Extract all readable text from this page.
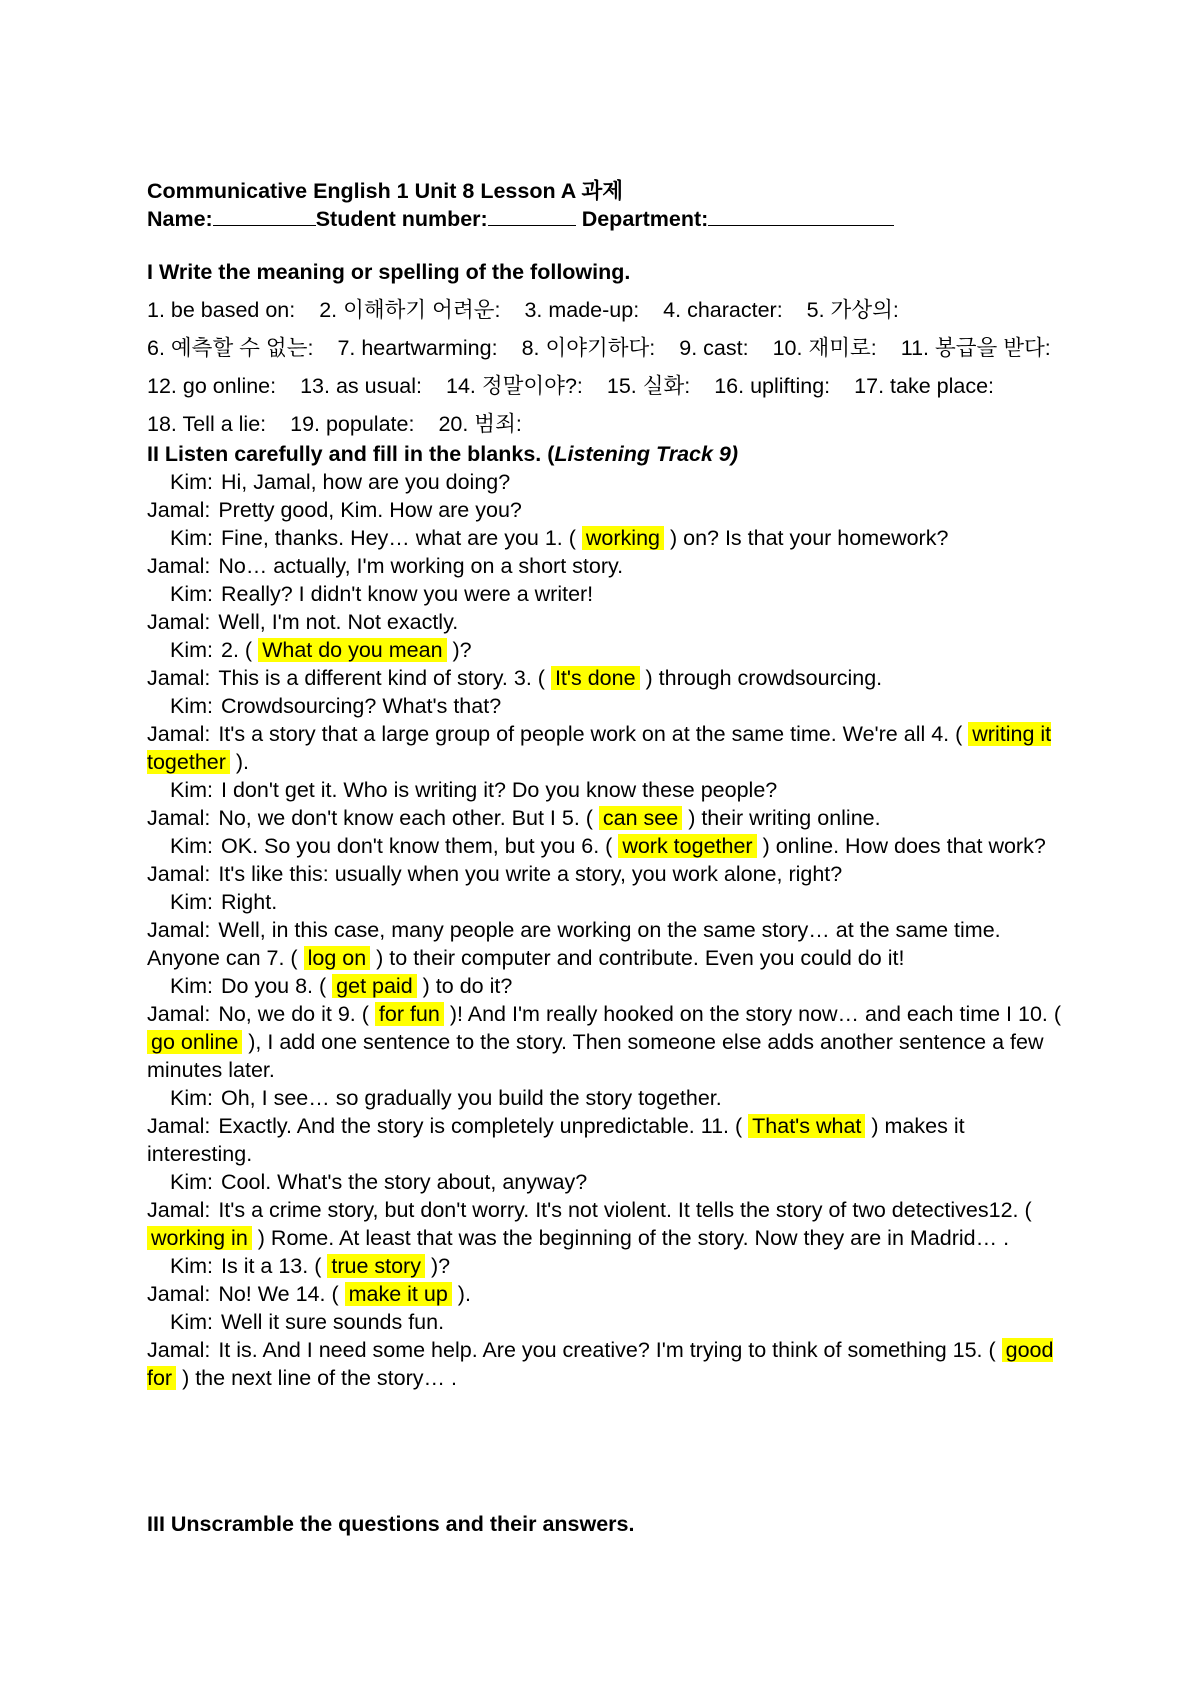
Communicative English 1 Unit 8 Lesson A 과제
Name:	Student number:	Department:
I Write the meaning or spelling of the following.
1. be based on: 2. 이해하기 어려운: 3. made-up: 4. character: 5. 가상의: 6. 예측할 수 없는: 7. heartwarming: 8. 이야기하다: 9. cast: 10. 재미로: 11. 봉급을 받다: 12. go online: 13. as usual: 14. 정말이야?: 15. 실화: 16. uplifting: 17. take place: 18. Tell a lie: 19. populate: 20. 범죄:
II Listen carefully and fill in the blanks. (Listening Track 9)

Kim: Hi, Jamal, how are you doing?

Jamal: Pretty good, Kim. How are you?

Kim: Fine, thanks. Hey… what are you 1. ( working ) on? Is that your homework?

Jamal: No… actually, I'm working on a short story.

Kim: Really? I didn't know you were a writer!

Jamal: Well, I'm not. Not exactly.

Kim: 2. ( What do you mean )?

Jamal: This is a different kind of story. 3. ( It's done ) through crowdsourcing.

Kim: Crowdsourcing? What's that?

Jamal: It's a story that a large group of people work on at the same time. We're all 4. ( writing it together ).

Kim: I don't get it. Who is writing it? Do you know these people?

Jamal: No, we don't know each other. But I 5. ( can see ) their writing online.

Kim: OK. So you don't know them, but you 6. ( work together ) online. How does that work?

Jamal: It's like this: usually when you write a story, you work alone, right?

Kim: Right.

Jamal: Well, in this case, many people are working on the same story… at the same time. Anyone can 7. ( log on ) to their computer and contribute. Even you could do it!

Kim: Do you 8. ( get paid ) to do it?

Jamal: No, we do it 9. ( for fun )! And I'm really hooked on the story now… and each time I 10. ( go online ), I add one sentence to the story. Then someone else adds another sentence a few minutes later.

Kim: Oh, I see… so gradually you build the story together.

Jamal: Exactly. And the story is completely unpredictable. 11. ( That's what ) makes it interesting.

Kim: Cool. What's the story about, anyway?

Jamal: It's a crime story, but don't worry. It's not violent. It tells the story of two detectives12. ( working in ) Rome. At least that was the beginning of the story. Now they are in Madrid… .

Kim: Is it a 13. ( true story )?

Jamal: No! We 14. ( make it up ).

Kim: Well it sure sounds fun.

Jamal: It is. And I need some help. Are you creative? I'm trying to think of something 15. ( good for ) the next line of the story… .

III Unscramble the questions and their answers.
